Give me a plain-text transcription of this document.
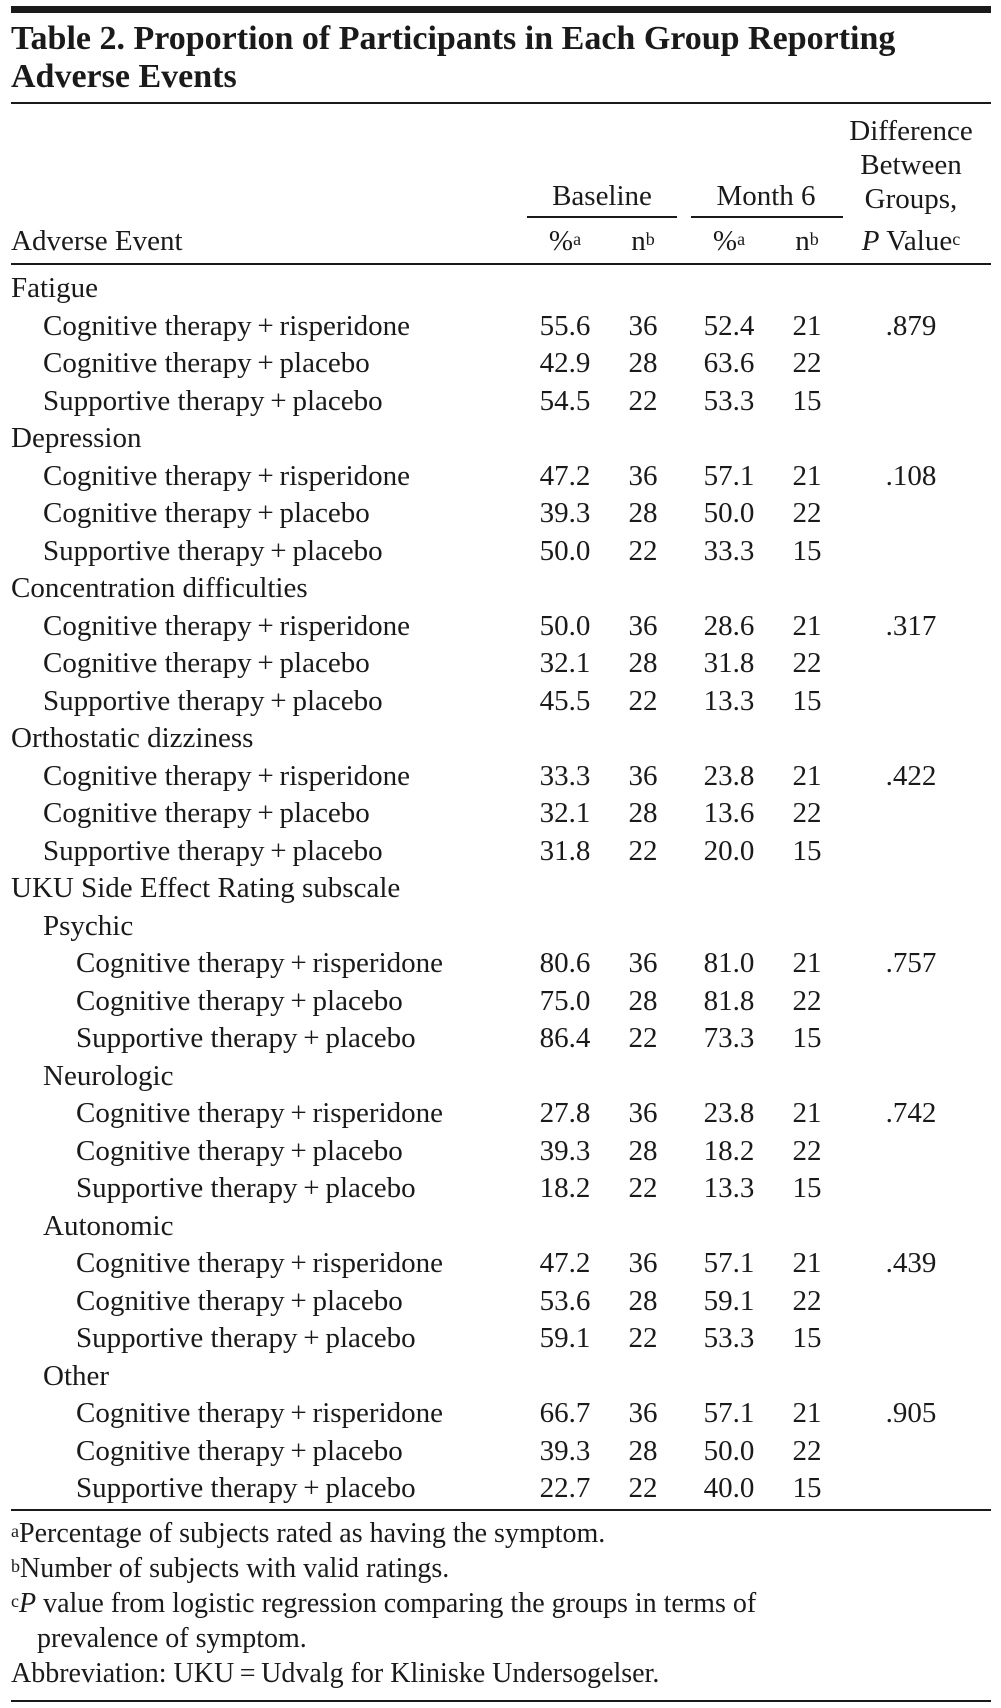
Table 2. Proportion of Participants in Each Group Reporting Adverse Events
Difference
Between
Groups,
Baseline	Month 6
Adverse Event	%$^a$	$n^b$	%$^a$	$n^b$	P Value$^c$
Fatigue
Cognitive therapy + risperidone	55.6	36	52.4	21	.879
Cognitive therapy + placebo	42.9	28	63.6	22
Supportive therapy + placebo	54.5	22	53.3	15
Depression
Cognitive therapy + risperidone	47.2	36	57.1	21	.108
Cognitive therapy + placebo	39.3	28	50.0	22
Supportive therapy + placebo	50.0	22	33.3	15
Concentration difficulties
Cognitive therapy + risperidone	50.0	36	28.6	21	.317
Cognitive therapy + placebo	32.1	28	31.8	22
Supportive therapy + placebo	45.5	22	13.3	15
Orthostatic dizziness
Cognitive therapy + risperidone	33.3	36	23.8	21	.422
Cognitive therapy + placebo	32.1	28	13.6	22
Supportive therapy + placebo	31.8	22	20.0	15
UKU Side Effect Rating subscale
Psychic
Cognitive therapy + risperidone	80.6	36	81.0	21	.757
Cognitive therapy + placebo	75.0	28	81.8	22
Supportive therapy + placebo	86.4	22	73.3	15
Neurologic
Cognitive therapy + risperidone	27.8	36	23.8	21	.742
Cognitive therapy + placebo	39.3	28	18.2	22
Supportive therapy + placebo	18.2	22	13.3	15
Autonomic
Cognitive therapy + risperidone	47.2	36	57.1	21	.439
Cognitive therapy + placebo	53.6	28	59.1	22
Supportive therapy + placebo	59.1	22	53.3	15
Other
Cognitive therapy + risperidone	66.7	36	57.1	21	.905
Cognitive therapy + placebo	39.3	28	50.0	22
Supportive therapy + placebo	22.7	22	40.0	15
$^a$Percentage of subjects rated as having the symptom.
$^b$Number of subjects with valid ratings.
$^c$P value from logistic regression comparing the groups in terms of
prevalence of symptom.
Abbreviation: UKU = Udvalg for Kliniske Undersogelser.
